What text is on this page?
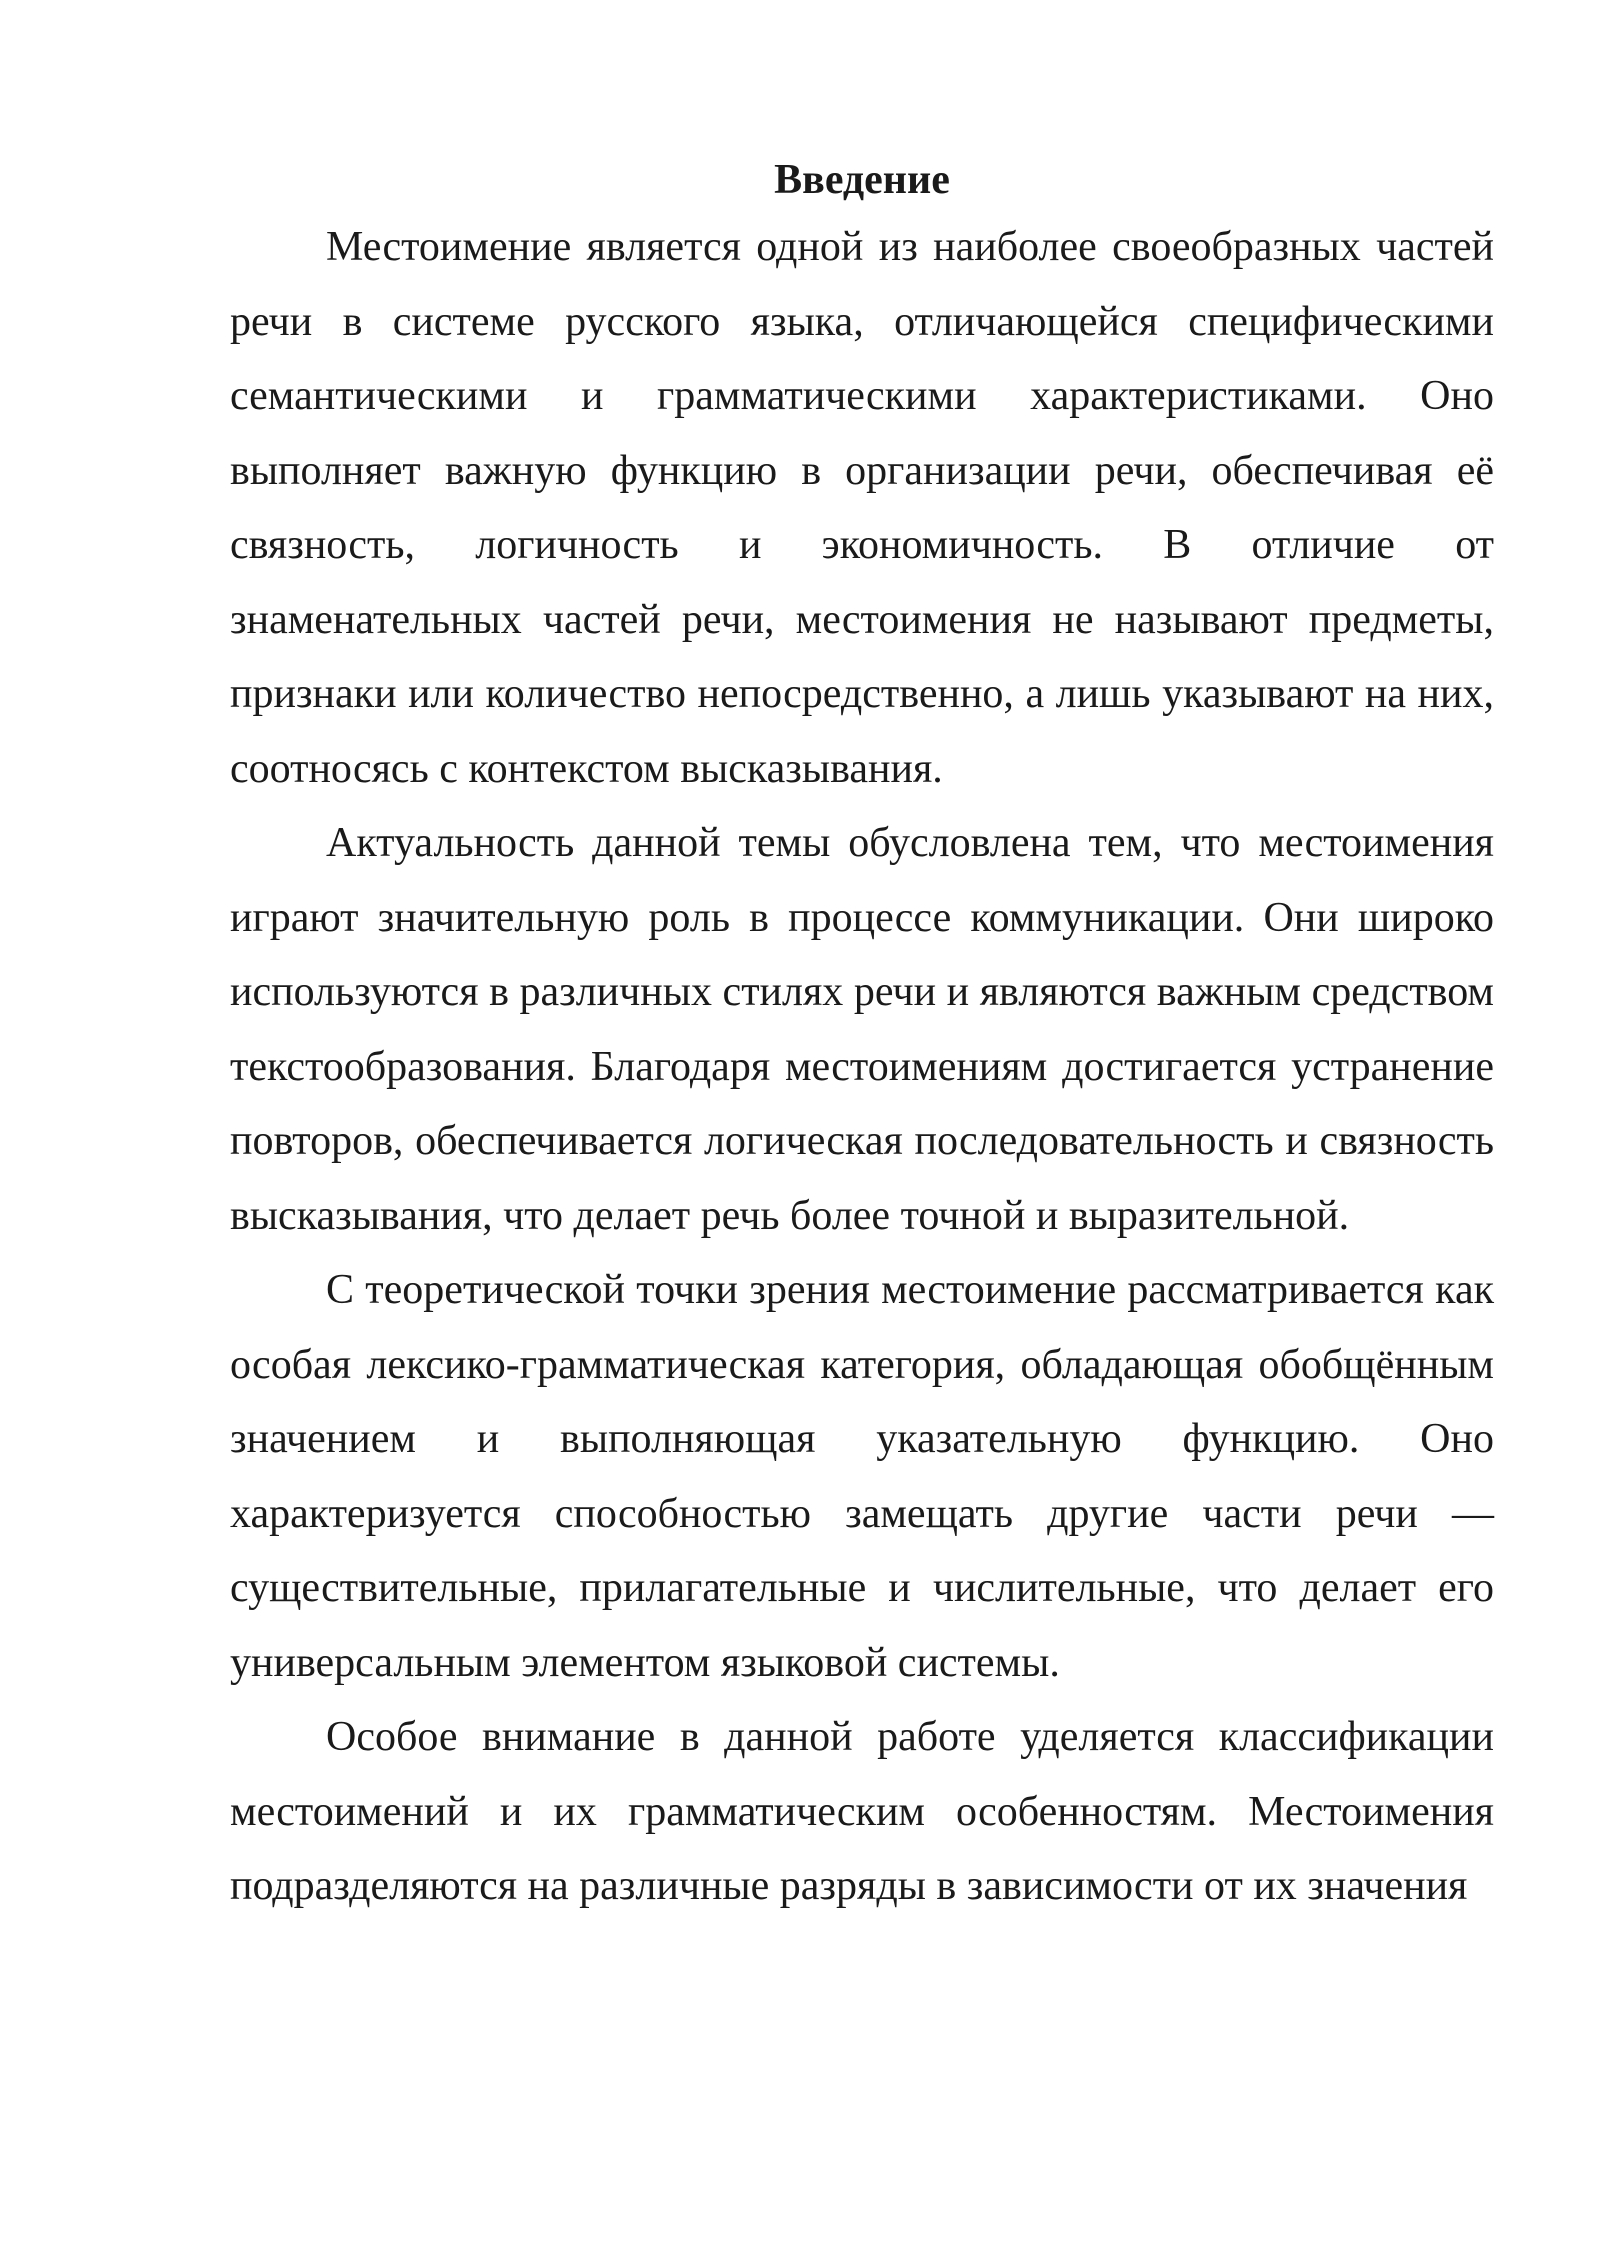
Введение

Местоимение является одной из наиболее своеобразных частей речи в системе русского языка, отличающейся специфическими семантическими и грамматическими характеристиками. Оно выполняет важную функцию в организации речи, обеспечивая её связность, логичность и экономичность. В отличие от знаменательных частей речи, местоимения не называют предметы, признаки или количество непосредственно, а лишь указывают на них, соотносясь с контекстом высказывания.

Актуальность данной темы обусловлена тем, что местоимения играют значительную роль в процессе коммуникации. Они широко используются в различных стилях речи и являются важным средством текстообразования. Благодаря местоимениям достигается устранение повторов, обеспечивается логическая последовательность и связность высказывания, что делает речь более точной и выразительной.

С теоретической точки зрения местоимение рассматривается как особая лексико-грамматическая категория, обладающая обобщённым значением и выполняющая указательную функцию. Оно характеризуется способностью замещать другие части речи — существительные, прилагательные и числительные, что делает его универсальным элементом языковой системы.

Особое внимание в данной работе уделяется классификации местоимений и их грамматическим особенностям. Местоимения подразделяются на различные разряды в зависимости от их значения
